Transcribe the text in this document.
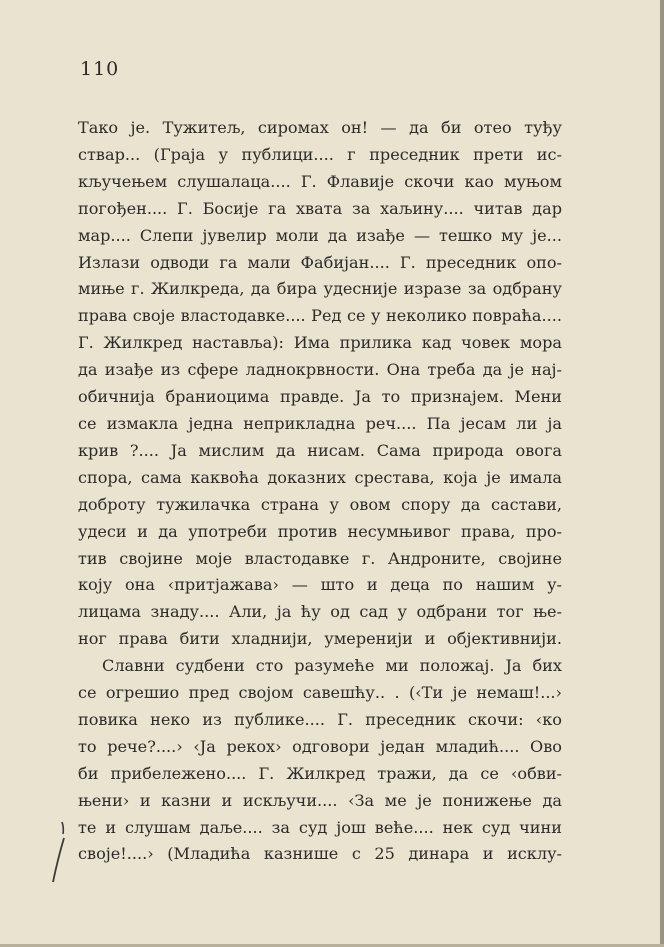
110
Тако је. Тужитељ, сиромах он! — да би отео туђу
ствар... (Граја у публици.... г преседник прети ис-
кључењем слушалаца.... Г. Флавије скочи као муњом
погођен.... Г. Босије га хвата за хаљину.... читав дар
мар.... Слепи јувелир моли да изађе — тешко му је...
Излази одводи га мали Фабијан.... Г. преседник опо-
миње г. Жилкреда, да бира удесније изразе за одбрану
права своје властодавке.... Ред се у неколико повраћа....
Г. Жилкред наставља): Има прилика кад човек мора
да изађе из сфере ладнокрвности. Она треба да је нај-
обичнија браниоцима правде. Ја то признајем. Мени
се измакла једна неприкладна реч.... Па јесам ли ја
крив ?.... Ја мислим да нисам. Сама природа овога
спора, сама каквоћа доказних срестава, која је имала
доброту тужилачка страна у овом спору да састави,
удеси и да употреби против несумњивог права, про-
тив својине моје властодавке г. Андроните, својине
коју она ‹притјажава› — што и деца по нашим у-
лицама знаду.... Али, ја ћу од сад у одбрани тог ње-
ног права бити хладнији, умеренији и објективнији.
Славни судбени сто разумеће ми положај. Ја бих
се огрешио пред својом савешћу.. . (‹Ти је немаш!...›
повика неко из публике.... Г. преседник скочи: ‹ко
то рече?....› ‹Ја рекох› одговори један младић.... Ово
би прибележено.... Г. Жилкред тражи, да се ‹обви-
њени› и казни и искључи.... ‹За ме је понижење да
те и слушам даље.... за суд још веће.... нек суд чини
своје!....› (Младића казнише с 25 динара и исклу-
